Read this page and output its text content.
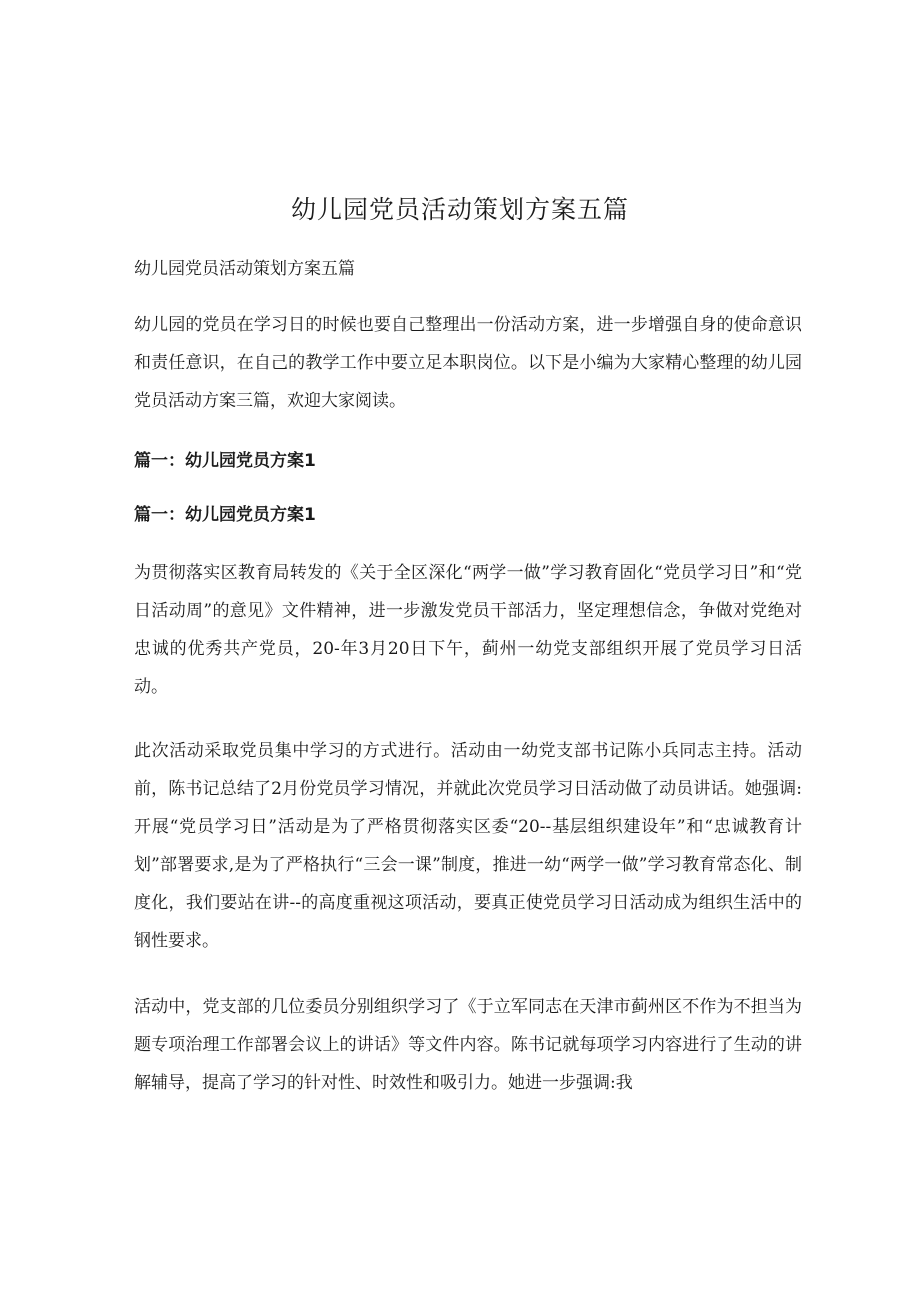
幼儿园党员活动策划方案五篇
幼儿园党员活动策划方案五篇

幼儿园的党员在学习日的时候也要自己整理出一份活动方案，进一步增强自身的使命意识和责任意识，在自己的教学工作中要立足本职岗位。以下是小编为大家精心整理的幼儿园党员活动方案三篇，欢迎大家阅读。

篇一：幼儿园党员方案1
篇一：幼儿园党员方案1

为贯彻落实区教育局转发的《关于全区深化“两学一做”学习教育固化“党员学习日”和“党日活动周”的意见》文件精神，进一步激发党员干部活力，坚定理想信念，争做对党绝对忠诚的优秀共产党员，20-年3月20日下午，蓟州一幼党支部组织开展了党员学习日活动。

此次活动采取党员集中学习的方式进行。活动由一幼党支部书记陈小兵同志主持。活动前，陈书记总结了2月份党员学习情况，并就此次党员学习日活动做了动员讲话。她强调:开展“党员学习日”活动是为了严格贯彻落实区委“20--基层组织建设年”和“忠诚教育计划”部署要求,是为了严格执行“三会一课”制度，推进一幼“两学一做”学习教育常态化、制度化，我们要站在讲--的高度重视这项活动，要真正使党员学习日活动成为组织生活中的钢性要求。

活动中，党支部的几位委员分别组织学习了《于立军同志在天津市蓟州区不作为不担当为题专项治理工作部署会议上的讲话》等文件内容。陈书记就每项学习内容进行了生动的讲解辅导，提高了学习的针对性、时效性和吸引力。她进一步强调:我
